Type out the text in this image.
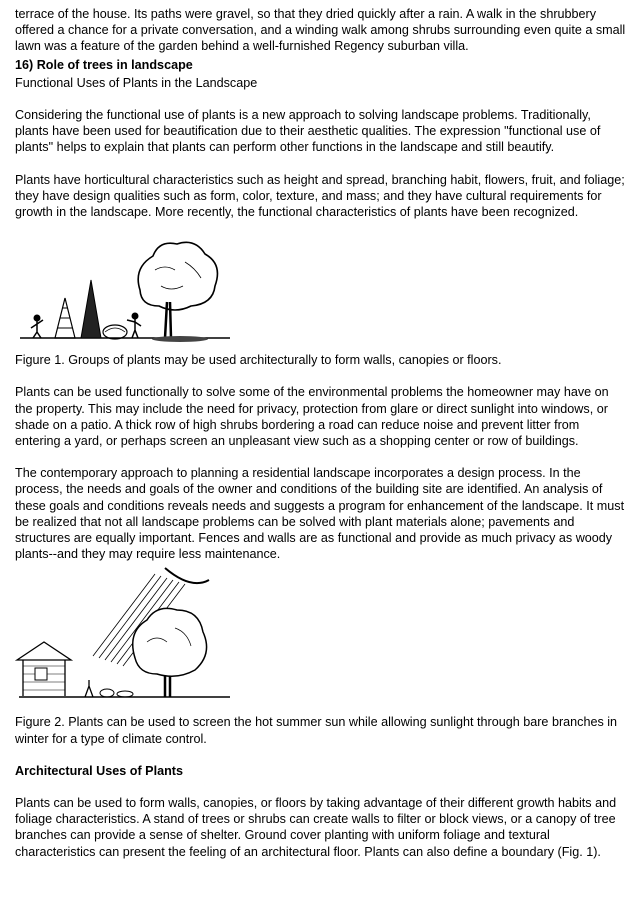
terrace of the house. Its paths were gravel, so that they dried quickly after a rain. A walk in the shrubbery offered a chance for a private conversation, and a winding walk among shrubs surrounding even quite a small lawn was a feature of the garden behind a well-furnished Regency suburban villa.

16) Role of trees in landscape

Functional Uses of Plants in the Landscape

Considering the functional use of plants is a new approach to solving landscape problems. Traditionally, plants have been used for beautification due to their aesthetic qualities. The expression "functional use of plants" helps to explain that plants can perform other functions in the landscape and still beautify.

Plants have horticultural characteristics such as height and spread, branching habit, flowers, fruit, and foliage; they have design qualities such as form, color, texture, and mass; and they have cultural requirements for growth in the landscape. More recently, the functional characteristics of plants have been recognized.

Figure 1. Groups of plants may be used architecturally to form walls, canopies or floors.

Plants can be used functionally to solve some of the environmental problems the homeowner may have on the property. This may include the need for privacy, protection from glare or direct sunlight into windows, or shade on a patio. A thick row of high shrubs bordering a road can reduce noise and prevent litter from entering a yard, or perhaps screen an unpleasant view such as a shopping center or row of buildings.

The contemporary approach to planning a residential landscape incorporates a design process. In the process, the needs and goals of the owner and conditions of the building site are identified. An analysis of these goals and conditions reveals needs and suggests a program for enhancement of the landscape. It must be realized that not all landscape problems can be solved with plant materials alone; pavements and structures are equally important. Fences and walls are as functional and provide as much privacy as woody plants--and they may require less maintenance.

Figure 2. Plants can be used to screen the hot summer sun while allowing sunlight through bare branches in winter for a type of climate control.

Architectural Uses of Plants

Plants can be used to form walls, canopies, or floors by taking advantage of their different growth habits and foliage characteristics. A stand of trees or shrubs can create walls to filter or block views, or a canopy of tree branches can provide a sense of shelter. Ground cover planting with uniform foliage and textural characteristics can present the feeling of an architectural floor. Plants can also define a boundary (Fig. 1).
